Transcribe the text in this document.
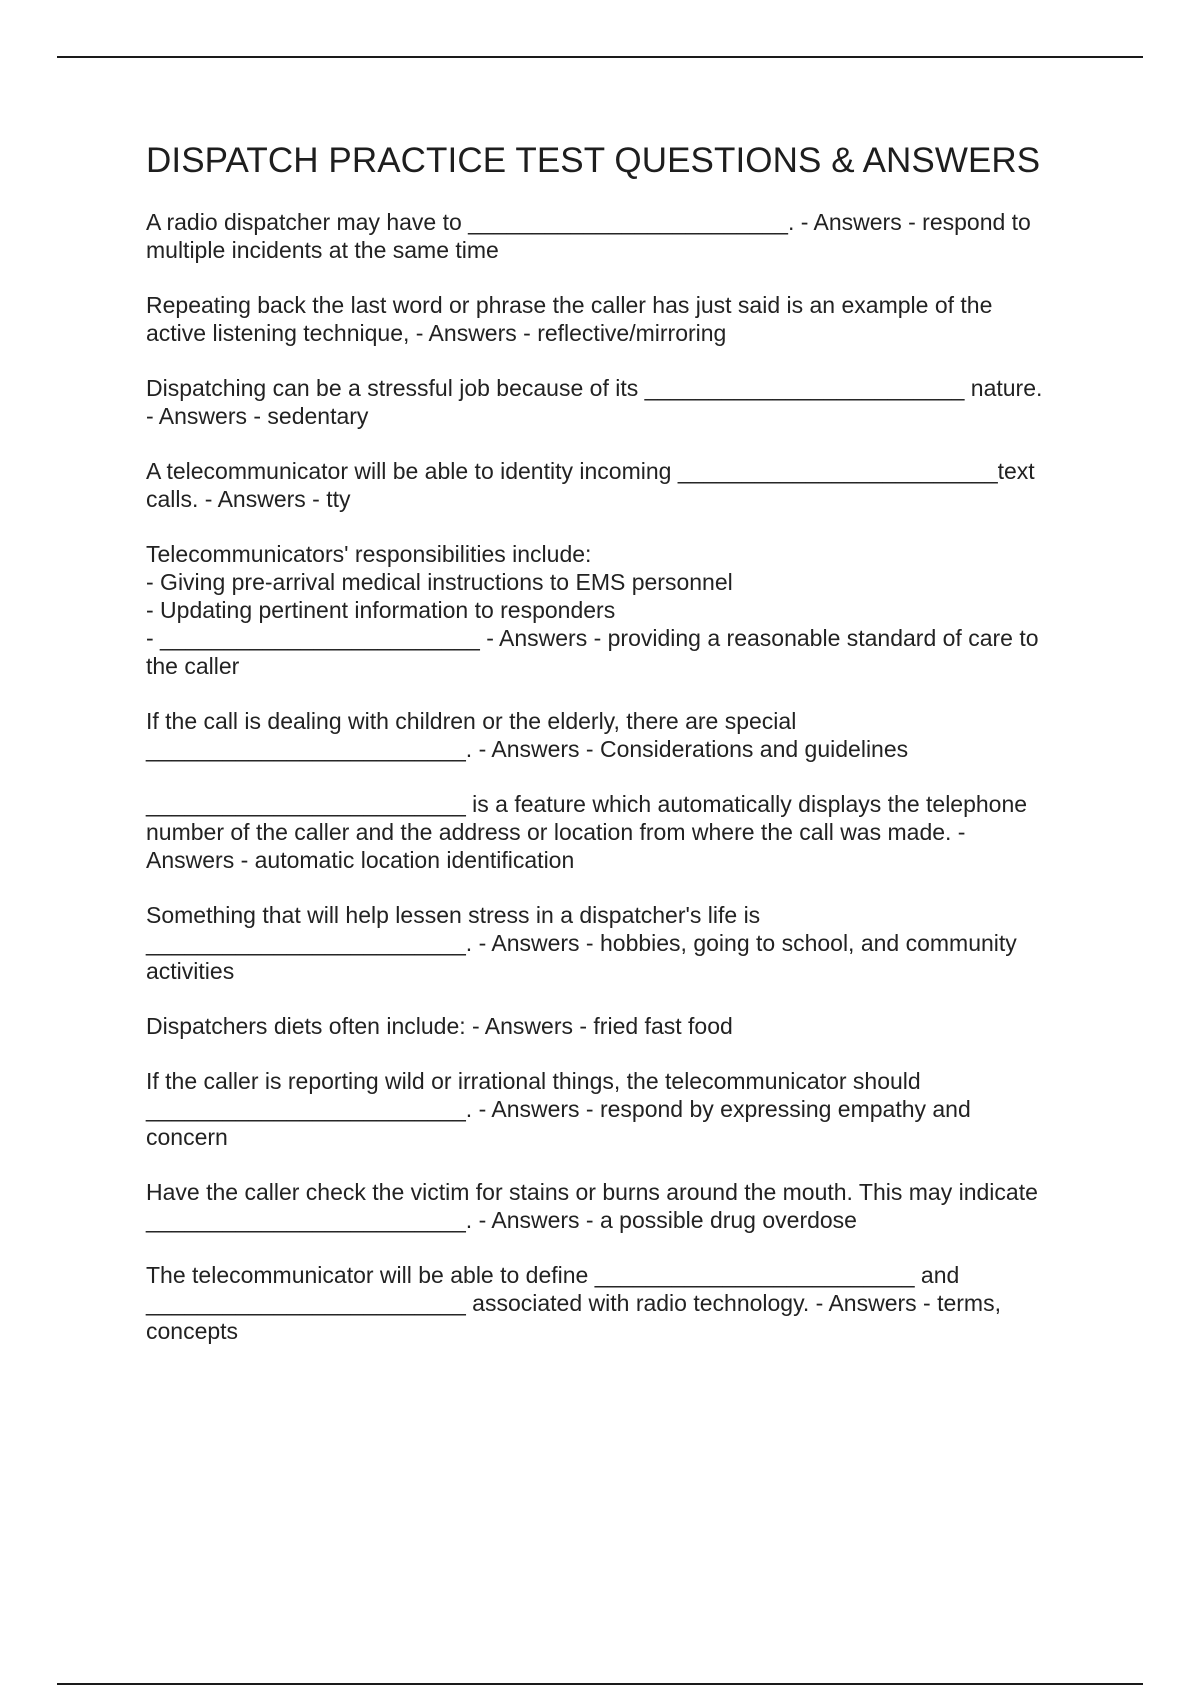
DISPATCH PRACTICE TEST QUESTIONS & ANSWERS

A radio dispatcher may have to _________________________. - Answers - respond to
multiple incidents at the same time

Repeating back the last word or phrase the caller has just said is an example of the
active listening technique, - Answers - reflective/mirroring

Dispatching can be a stressful job because of its _________________________ nature.
- Answers - sedentary

A telecommunicator will be able to identity incoming _________________________text
calls. - Answers - tty

Telecommunicators' responsibilities include:
- Giving pre-arrival medical instructions to EMS personnel
- Updating pertinent information to responders
- _________________________ - Answers - providing a reasonable standard of care to
the caller

If the call is dealing with children or the elderly, there are special
_________________________. - Answers - Considerations and guidelines

_________________________ is a feature which automatically displays the telephone
number of the caller and the address or location from where the call was made. -
Answers - automatic location identification

Something that will help lessen stress in a dispatcher's life is
_________________________. - Answers - hobbies, going to school, and community
activities

Dispatchers diets often include: - Answers - fried fast food

If the caller is reporting wild or irrational things, the telecommunicator should
_________________________. - Answers - respond by expressing empathy and
concern

Have the caller check the victim for stains or burns around the mouth. This may indicate
_________________________. - Answers - a possible drug overdose

The telecommunicator will be able to define _________________________ and
_________________________ associated with radio technology. - Answers - terms,
concepts
